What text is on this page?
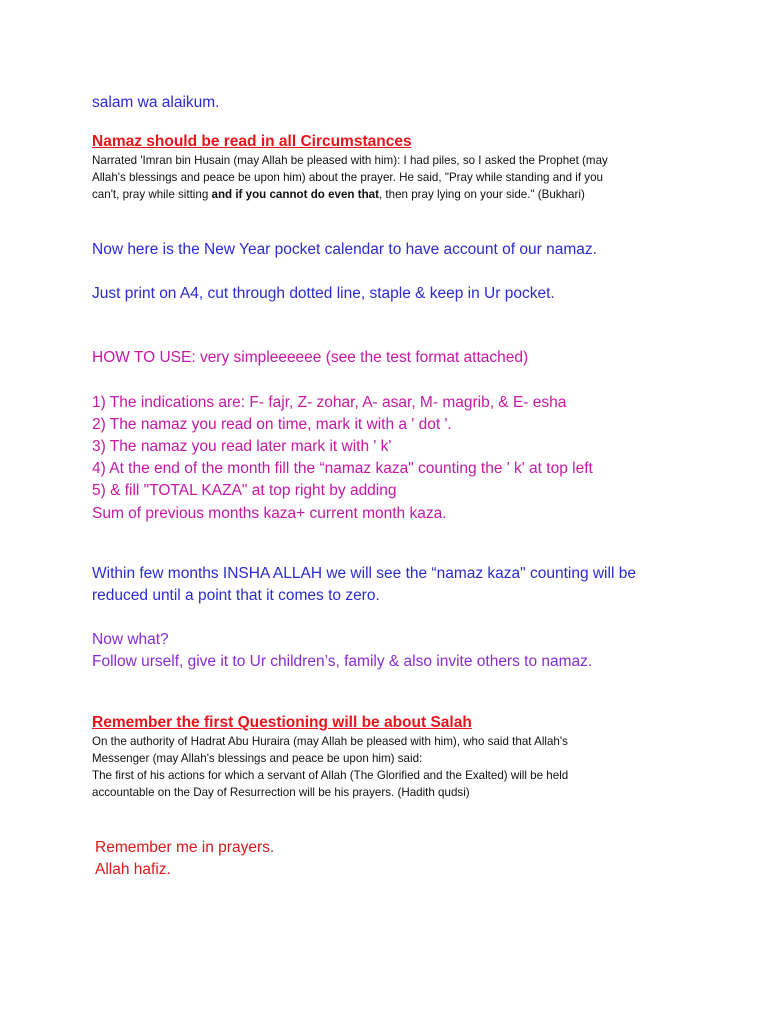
salam wa alaikum.

Namaz should be read in all Circumstances

Narrated 'Imran bin Husain (may Allah be pleased with him): I had piles, so I asked the Prophet (may

Allah's blessings and peace be upon him) about the prayer. He said, "Pray while standing and if you

can't, pray while sitting and if you cannot do even that, then pray lying on your side." (Bukhari)

Now here is the New Year pocket calendar to have account of our namaz.

Just print on A4, cut through dotted line, staple & keep in Ur pocket.

HOW TO USE: very simpleeeeee (see the test format attached)

1) The indications are: F- fajr, Z- zohar, A- asar, M- magrib, & E- esha

2) The namaz you read on time, mark it with a ' dot '.

3) The namaz you read later mark it with ' k'

4) At the end of the month fill the “namaz kaza" counting the ' k' at top left

5) & fill "TOTAL KAZA" at top right by adding

Sum of previous months kaza+ current month kaza.

Within few months INSHA ALLAH we will see the “namaz kaza" counting will be

reduced until a point that it comes to zero.

Now what?

Follow urself, give it to Ur children’s, family & also invite others to namaz.

Remember the first Questioning will be about Salah

On the authority of Hadrat Abu Huraira (may Allah be pleased with him), who said that Allah's

Messenger (may Allah's blessings and peace be upon him) said:

The first of his actions for which a servant of Allah (The Glorified and the Exalted) will be held

accountable on the Day of Resurrection will be his prayers. (Hadith qudsi)

Remember me in prayers.

Allah hafiz.
